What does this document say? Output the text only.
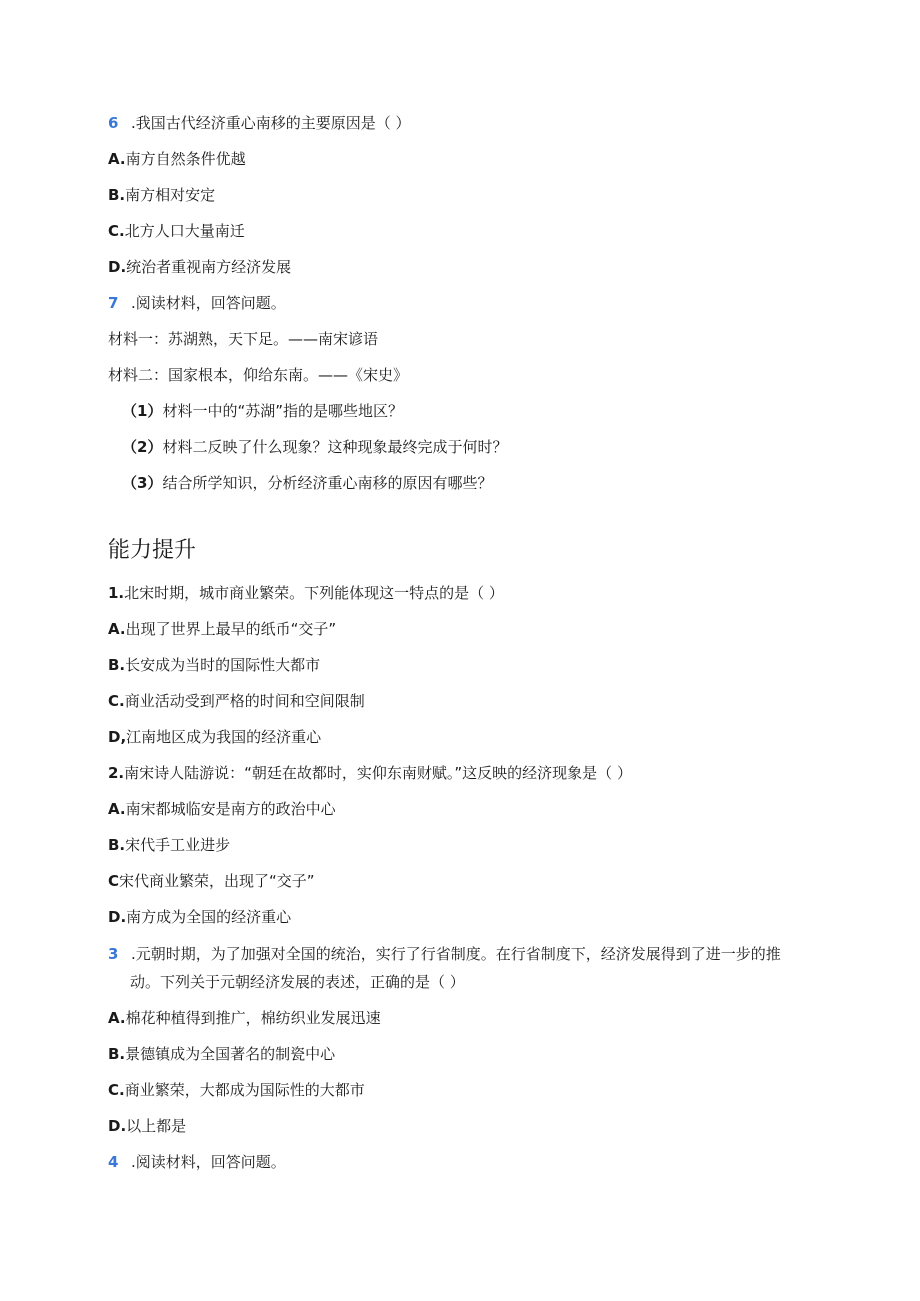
6 .我国古代经济重心南移的主要原因是（ ）
A.南方自然条件优越
B.南方相对安定
C.北方人口大量南迁
D.统治者重视南方经济发展
7 .阅读材料，回答问题。
材料一：苏湖熟，天下足。——南宋谚语
材料二：国家根本，仰给东南。——《宋史》
（1）材料一中的“苏湖”指的是哪些地区？
（2）材料二反映了什么现象？这种现象最终完成于何时？
（3）结合所学知识，分析经济重心南移的原因有哪些？
能力提升
1.北宋时期，城市商业繁荣。下列能体现这一特点的是（ ）
A.出现了世界上最早的纸币“交子”
B.长安成为当时的国际性大都市
C.商业活动受到严格的时间和空间限制
D,江南地区成为我国的经济重心
2.南宋诗人陆游说：“朝廷在故都时，实仰东南财赋。”这反映的经济现象是（ ）
A.南宋都城临安是南方的政治中心
B.宋代手工业进步
C宋代商业繁荣，出现了“交子”
D.南方成为全国的经济重心
3 .元朝时期，为了加强对全国的统治，实行了行省制度。在行省制度下，经济发展得到了进一步的推
动。下列关于元朝经济发展的表述，正确的是（ ）
A.棉花种植得到推广，棉纺织业发展迅速
B.景德镇成为全国著名的制瓷中心
C.商业繁荣，大都成为国际性的大都市
D.以上都是
4 .阅读材料，回答问题。
